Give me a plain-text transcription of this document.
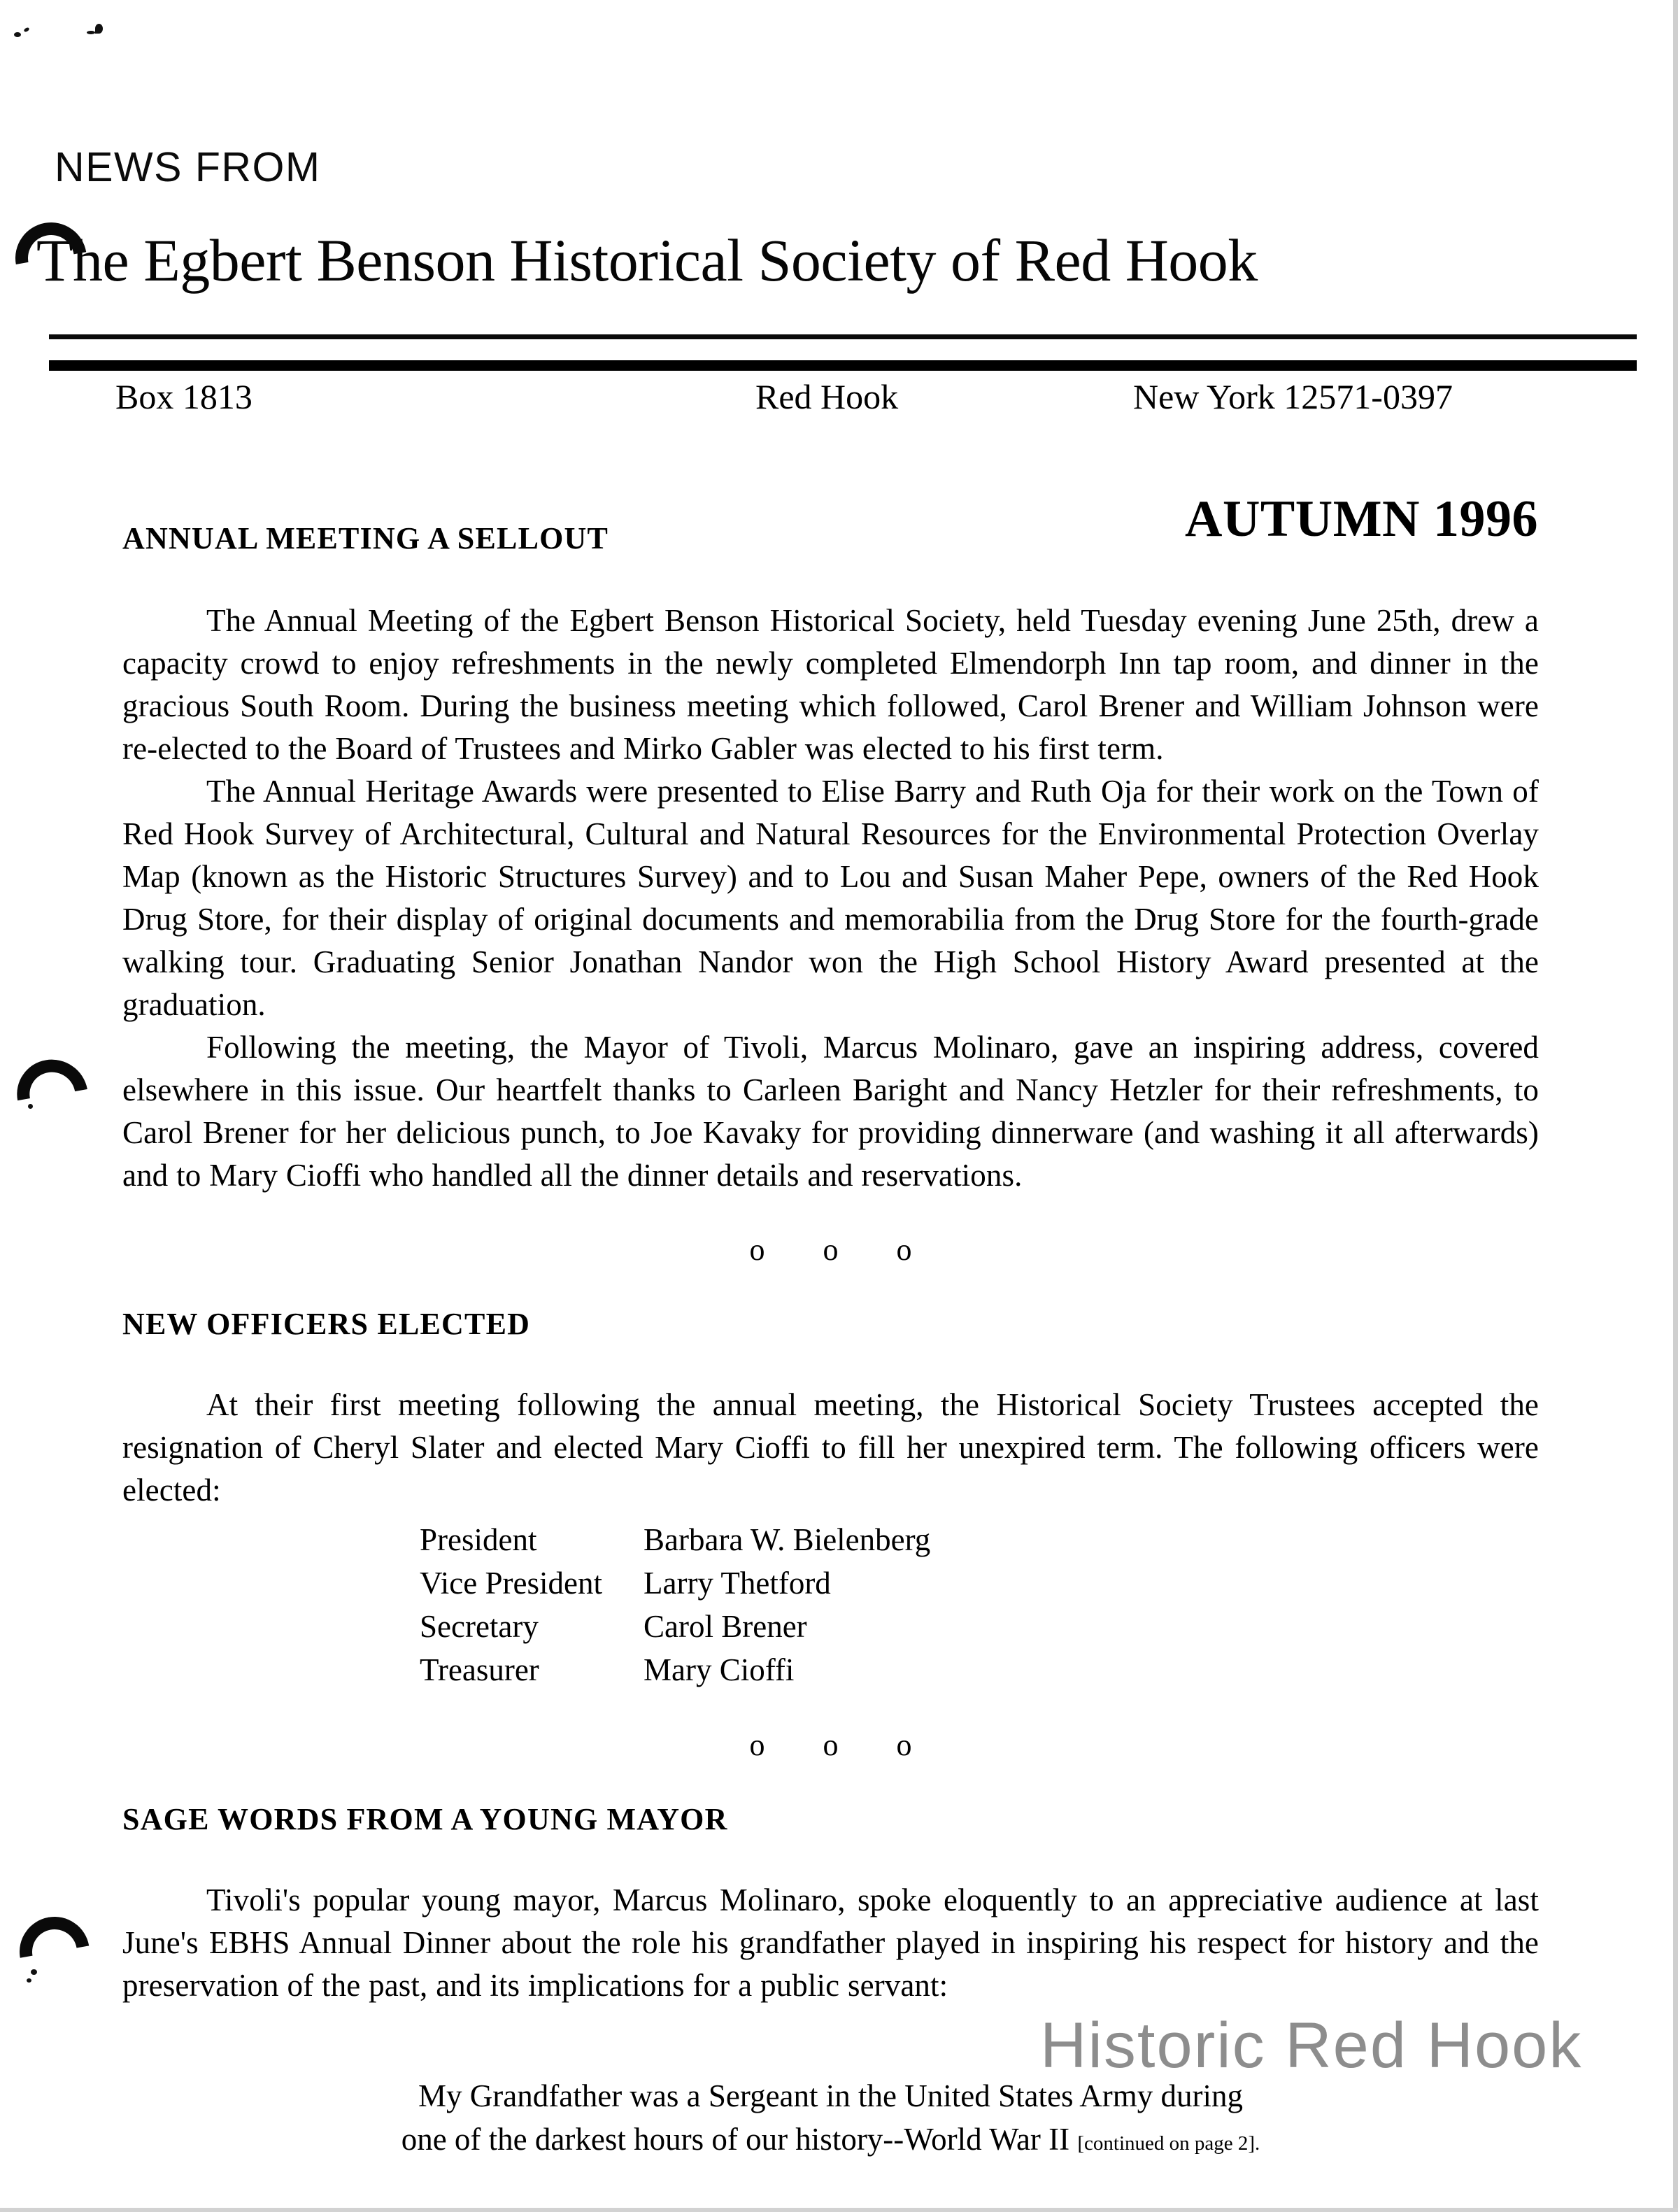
NEWS FROM
The Egbert Benson Historical Society of Red Hook
Box 1813	Red Hook	New York 12571-0397
AUTUMN 1996
ANNUAL MEETING A SELLOUT

The Annual Meeting of the Egbert Benson Historical Society, held Tuesday evening June 25th, drew a capacity crowd to enjoy refreshments in the newly completed Elmendorph Inn tap room, and dinner in the gracious South Room. During the business meeting which followed, Carol Brener and William Johnson were re-elected to the Board of Trustees and Mirko Gabler was elected to his first term.

The Annual Heritage Awards were presented to Elise Barry and Ruth Oja for their work on the Town of Red Hook Survey of Architectural, Cultural and Natural Resources for the Environmental Protection Overlay Map (known as the Historic Structures Survey) and to Lou and Susan Maher Pepe, owners of the Red Hook Drug Store, for their display of original documents and memorabilia from the Drug Store for the fourth-grade walking tour. Graduating Senior Jonathan Nandor won the High School History Award presented at the graduation.

Following the meeting, the Mayor of Tivoli, Marcus Molinaro, gave an inspiring address, covered elsewhere in this issue. Our heartfelt thanks to Carleen Baright and Nancy Hetzler for their refreshments, to Carol Brener for her delicious punch, to Joe Kavaky for providing dinnerware (and washing it all afterwards) and to Mary Cioffi who handled all the dinner details and reservations.

o o o

NEW OFFICERS ELECTED

At their first meeting following the annual meeting, the Historical Society Trustees accepted the resignation of Cheryl Slater and elected Mary Cioffi to fill her unexpired term. The following officers were elected:

President	Barbara W. Bielenberg
Vice President	Larry Thetford
Secretary	Carol Brener
Treasurer	Mary Cioffi

o o o

SAGE WORDS FROM A YOUNG MAYOR

Tivoli's popular young mayor, Marcus Molinaro, spoke eloquently to an appreciative audience at last June's EBHS Annual Dinner about the role his grandfather played in inspiring his respect for history and the preservation of the past, and its implications for a public servant:

My Grandfather was a Sergeant in the United States Army during

one of the darkest hours of our history--World War II [continued on page 2].

Historic Red Hook
